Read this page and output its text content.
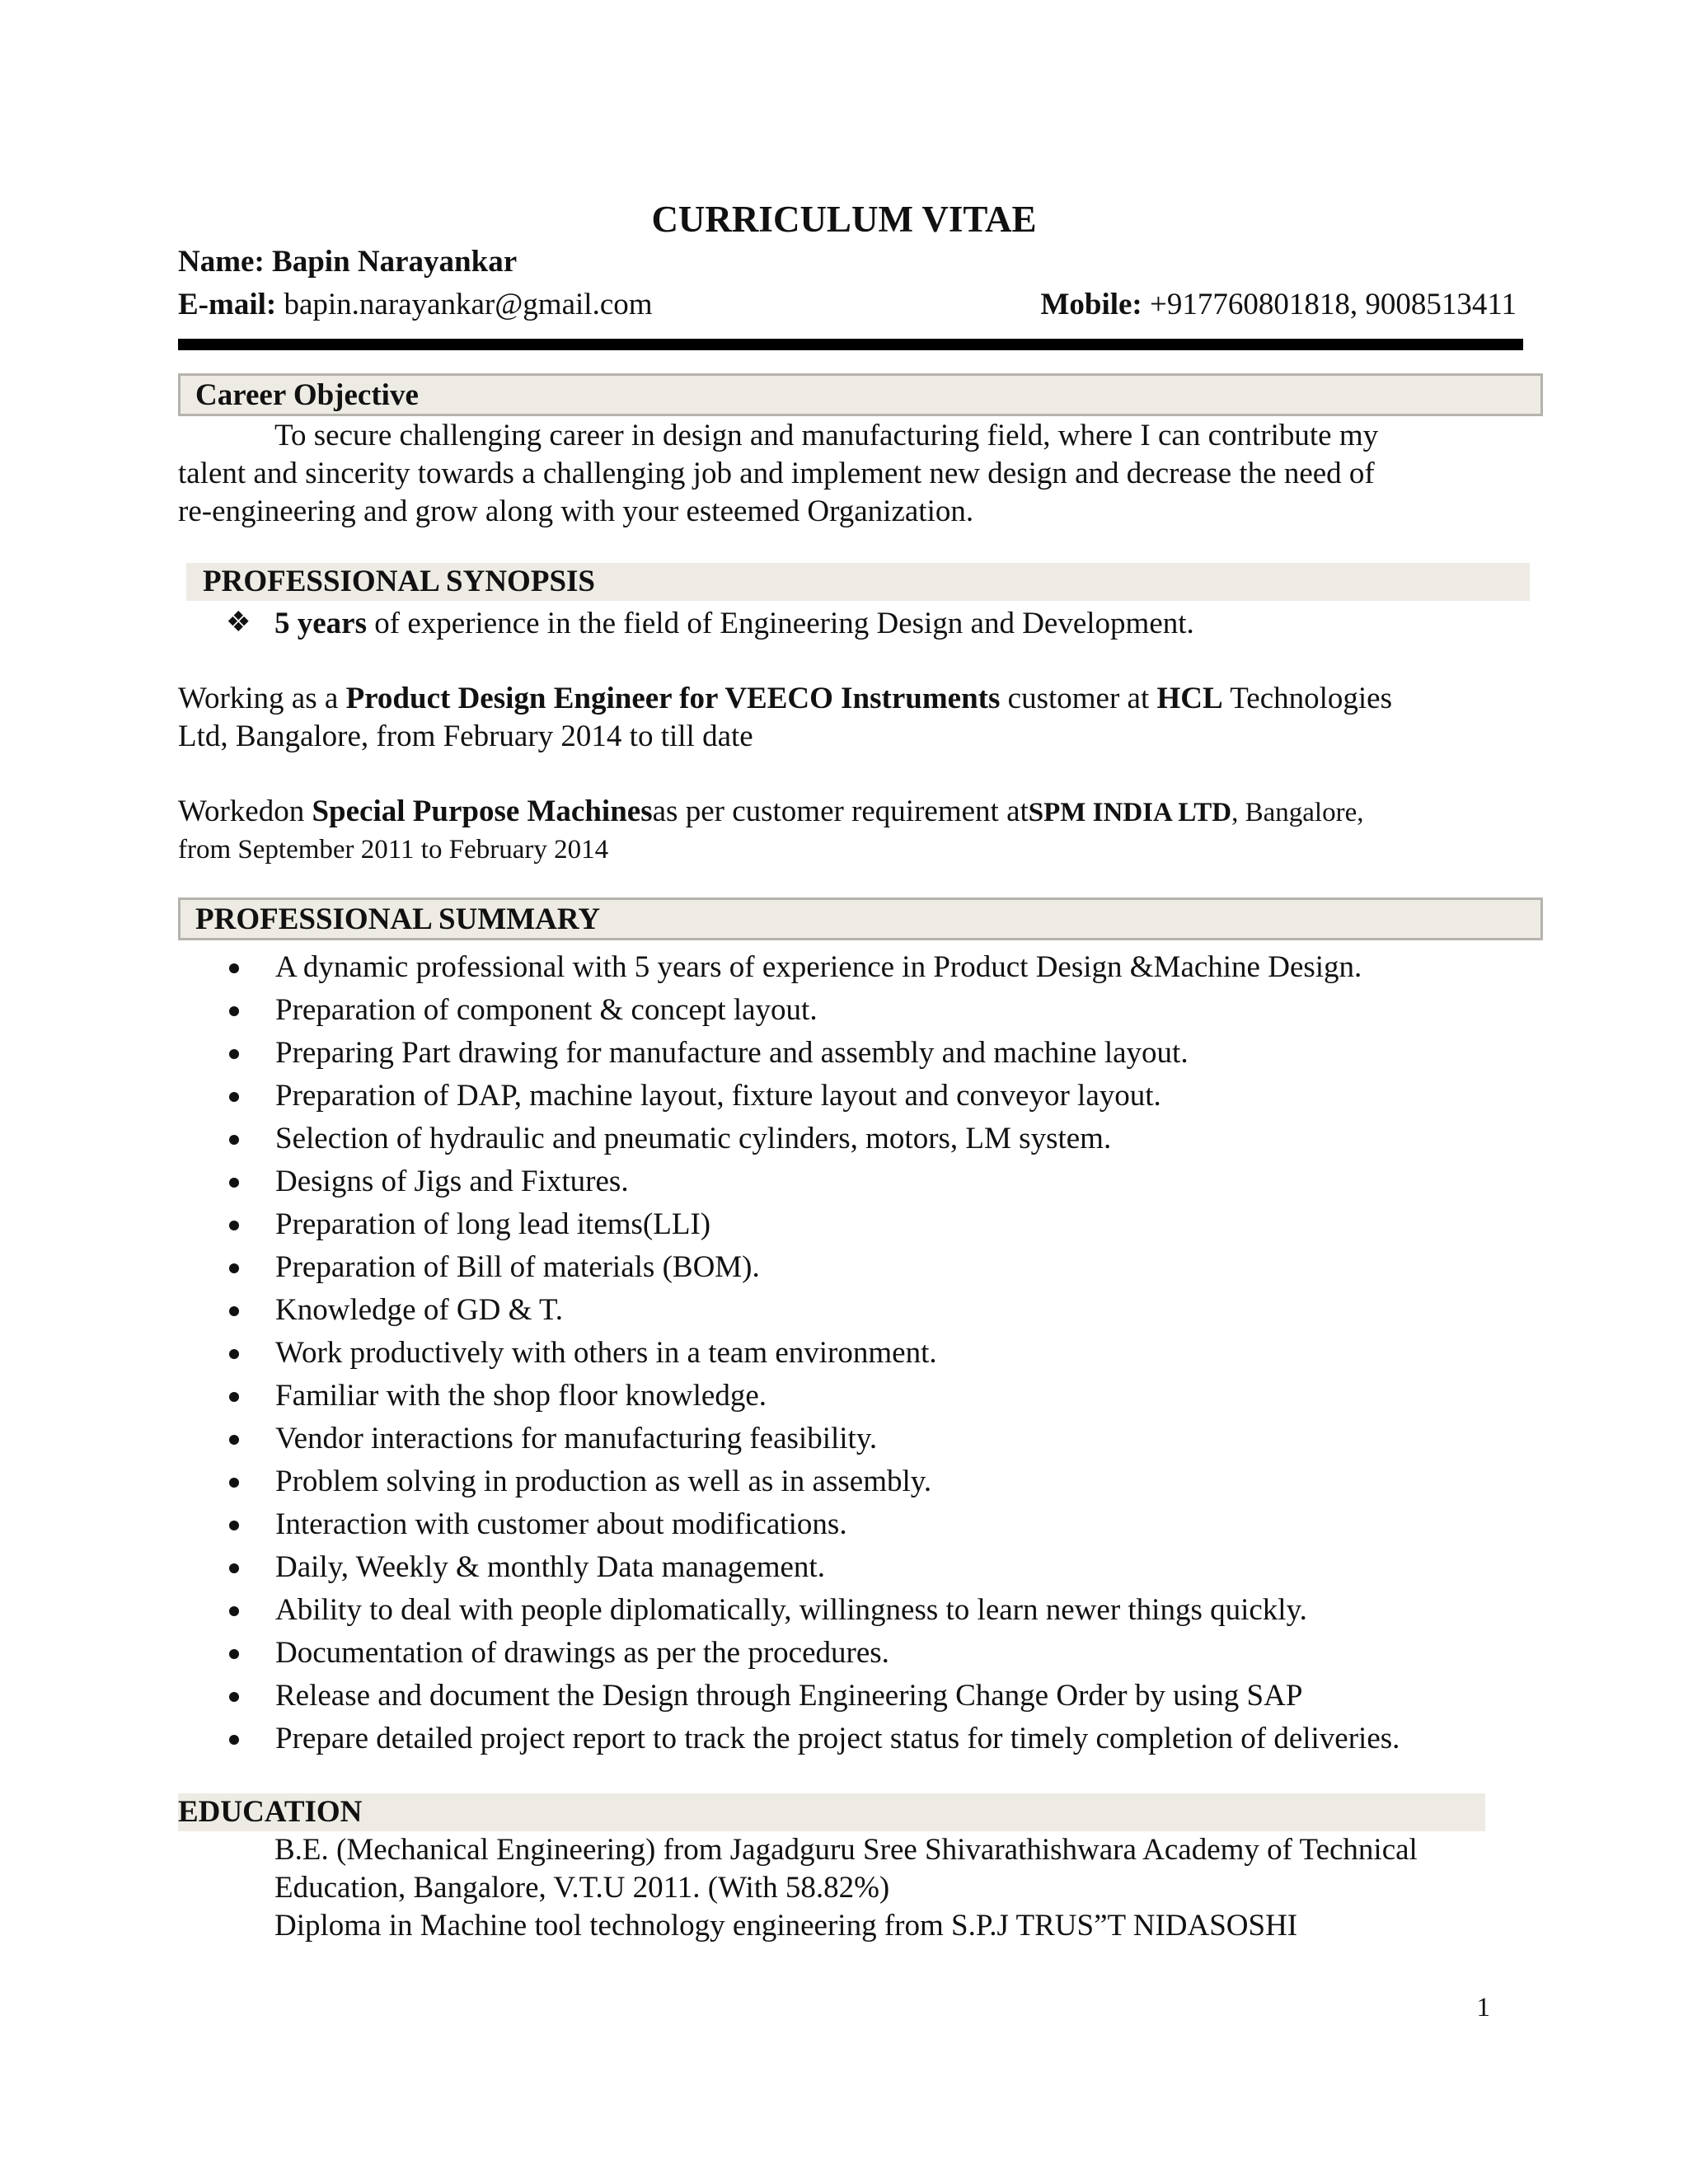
CURRICULUM VITAE
Name: Bapin Narayankar
E-mail: bapin.narayankar@gmail.com	Mobile: +917760801818, 9008513411
Career Objective
To secure challenging career in design and manufacturing field, where I can contribute my
talent and sincerity towards a challenging job and implement new design and decrease the need of
re-engineering and grow along with your esteemed Organization.
PROFESSIONAL SYNOPSIS
❖ 5 years of experience in the field of Engineering Design and Development.
Working as a Product Design Engineer for VEECO Instruments customer at HCL Technologies
Ltd, Bangalore, from February 2014 to till date
Workedon Special Purpose Machinesas per customer requirement atSPM INDIA LTD, Bangalore,
from September 2011 to February 2014
PROFESSIONAL SUMMARY
A dynamic professional with 5 years of experience in Product Design &Machine Design.
Preparation of component & concept layout.
Preparing Part drawing for manufacture and assembly and machine layout.
Preparation of DAP, machine layout, fixture layout and conveyor layout.
Selection of hydraulic and pneumatic cylinders, motors, LM system.
Designs of Jigs and Fixtures.
Preparation of long lead items(LLI)
Preparation of Bill of materials (BOM).
Knowledge of GD & T.
Work productively with others in a team environment.
Familiar with the shop floor knowledge.
Vendor interactions for manufacturing feasibility.
Problem solving in production as well as in assembly.
Interaction with customer about modifications.
Daily, Weekly & monthly Data management.
Ability to deal with people diplomatically, willingness to learn newer things quickly.
Documentation of drawings as per the procedures.
Release and document the Design through Engineering Change Order by using SAP
Prepare detailed project report to track the project status for timely completion of deliveries.
EDUCATION
B.E. (Mechanical Engineering) from Jagadguru Sree Shivarathishwara Academy of Technical
Education, Bangalore, V.T.U 2011. (With 58.82%)
Diploma in Machine tool technology engineering from S.P.J TRUS”T NIDASOSHI
1
